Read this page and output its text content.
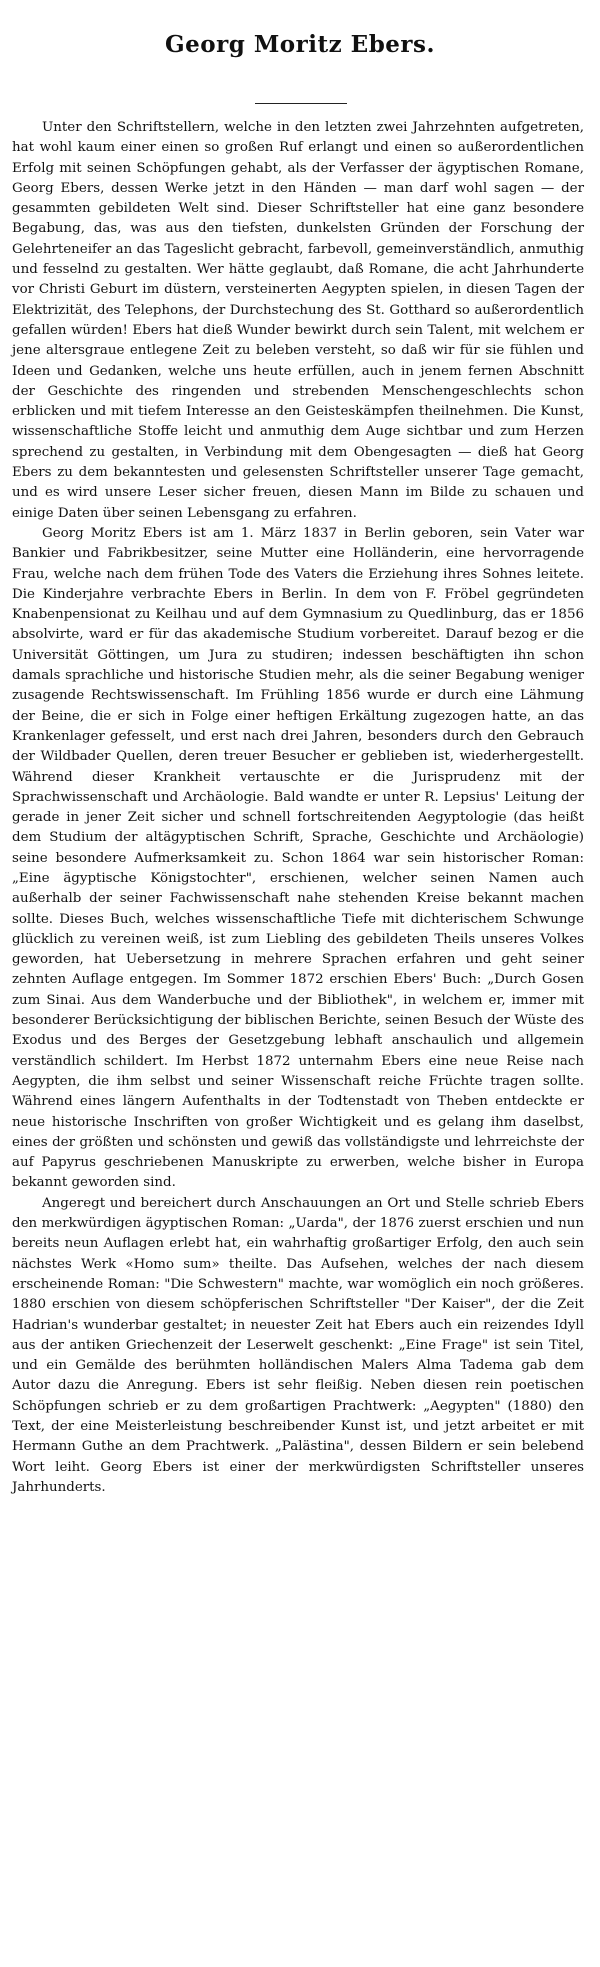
Georg Moritz Ebers.

Unter den Schriftstellern, welche in den letzten zwei Jahrzehnten aufgetreten, hat wohl kaum einer einen so großen Ruf erlangt und einen so außerordentlichen Erfolg mit seinen Schöpfungen gehabt, als der Verfasser der ägyptischen Romane, Georg Ebers, dessen Werke jetzt in den Händen — man darf wohl sagen — der gesammten gebildeten Welt sind. Dieser Schriftsteller hat eine ganz besondere Begabung, das, was aus den tiefsten, dunkelsten Gründen der Forschung der Gelehrteneifer an das Tageslicht gebracht, farbevoll, gemeinverständlich, anmuthig und fesselnd zu gestalten. Wer hätte geglaubt, daß Romane, die acht Jahrhunderte vor Christi Geburt im düstern, versteinerten Aegypten spielen, in diesen Tagen der Elektrizität, des Telephons, der Durchstechung des St. Gotthard so außerordentlich gefallen würden! Ebers hat dieß Wunder bewirkt durch sein Talent, mit welchem er jene altersgraue entlegene Zeit zu beleben versteht, so daß wir für sie fühlen und Ideen und Gedanken, welche uns heute erfüllen, auch in jenem fernen Abschnitt der Geschichte des ringenden und strebenden Menschengeschlechts schon erblicken und mit tiefem Interesse an den Geisteskämpfen theilnehmen. Die Kunst, wissenschaftliche Stoffe leicht und anmuthig dem Auge sichtbar und zum Herzen sprechend zu gestalten, in Verbindung mit dem Obengesagten — dieß hat Georg Ebers zu dem bekanntesten und gelesensten Schriftsteller unserer Tage gemacht, und es wird unsere Leser sicher freuen, diesen Mann im Bilde zu schauen und einige Daten über seinen Lebensgang zu erfahren.

Georg Moritz Ebers ist am 1. März 1837 in Berlin geboren, sein Vater war Bankier und Fabrikbesitzer, seine Mutter eine Holländerin, eine hervorragende Frau, welche nach dem frühen Tode des Vaters die Erziehung ihres Sohnes leitete. Die Kinderjahre verbrachte Ebers in Berlin. In dem von F. Fröbel gegründeten Knabenpensionat zu Keilhau und auf dem Gymnasium zu Quedlinburg, das er 1856 absolvirte, ward er für das akademische Studium vorbereitet. Darauf bezog er die Universität Göttingen, um Jura zu studiren; indessen beschäftigten ihn schon damals sprachliche und historische Studien mehr, als die seiner Begabung weniger zusagende Rechtswissenschaft. Im Frühling 1856 wurde er durch eine Lähmung der Beine, die er sich in Folge einer heftigen Erkältung zugezogen hatte, an das Krankenlager gefesselt, und erst nach drei Jahren, besonders durch den Gebrauch der Wildbader Quellen, deren treuer Besucher er geblieben ist, wiederhergestellt. Während dieser Krankheit vertauschte er die Jurisprudenz mit der Sprachwissenschaft und Archäologie. Bald wandte er unter R. Lepsius' Leitung der gerade in jener Zeit sicher und schnell fortschreitenden Aegyptologie (das heißt dem Studium der altägyptischen Schrift, Sprache, Geschichte und Archäologie) seine besondere Aufmerksamkeit zu. Schon 1864 war sein historischer Roman: „Eine ägyptische Königstochter", erschienen, welcher seinen Namen auch außerhalb der seiner Fachwissenschaft nahe stehenden Kreise bekannt machen sollte. Dieses Buch, welches wissenschaftliche Tiefe mit dichterischem Schwunge glücklich zu vereinen weiß, ist zum Liebling des gebildeten Theils unseres Volkes geworden, hat Uebersetzung in mehrere Sprachen erfahren und geht seiner zehnten Auflage entgegen. Im Sommer 1872 erschien Ebers' Buch: „Durch Gosen zum Sinai. Aus dem Wanderbuche und der Bibliothek", in welchem er, immer mit besonderer Berücksichtigung der biblischen Berichte, seinen Besuch der Wüste des Exodus und des Berges der Gesetzgebung lebhaft anschaulich und allgemein verständlich schildert. Im Herbst 1872 unternahm Ebers eine neue Reise nach Aegypten, die ihm selbst und seiner Wissenschaft reiche Früchte tragen sollte. Während eines längern Aufenthalts in der Todtenstadt von Theben entdeckte er neue historische Inschriften von großer Wichtigkeit und es gelang ihm daselbst, eines der größten und schönsten und gewiß das vollständigste und lehrreichste der auf Papyrus geschriebenen Manuskripte zu erwerben, welche bisher in Europa bekannt geworden sind.

Angeregt und bereichert durch Anschauungen an Ort und Stelle schrieb Ebers den merkwürdigen ägyptischen Roman: „Uarda", der 1876 zuerst erschien und nun bereits neun Auflagen erlebt hat, ein wahrhaftig großartiger Erfolg, den auch sein nächstes Werk «Homo sum» theilte. Das Aufsehen, welches der nach diesem erscheinende Roman: "Die Schwestern" machte, war womöglich ein noch größeres. 1880 erschien von diesem schöpferischen Schriftsteller "Der Kaiser", der die Zeit Hadrian's wunderbar gestaltet; in neuester Zeit hat Ebers auch ein reizendes Idyll aus der antiken Griechenzeit der Leserwelt geschenkt: „Eine Frage" ist sein Titel, und ein Gemälde des berühmten holländischen Malers Alma Tadema gab dem Autor dazu die Anregung. Ebers ist sehr fleißig. Neben diesen rein poetischen Schöpfungen schrieb er zu dem großartigen Prachtwerk: „Aegypten" (1880) den Text, der eine Meisterleistung beschreibender Kunst ist, und jetzt arbeitet er mit Hermann Guthe an dem Prachtwerk. „Palästina", dessen Bildern er sein belebend Wort leiht. Georg Ebers ist einer der merkwürdigsten Schriftsteller unseres Jahrhunderts.
